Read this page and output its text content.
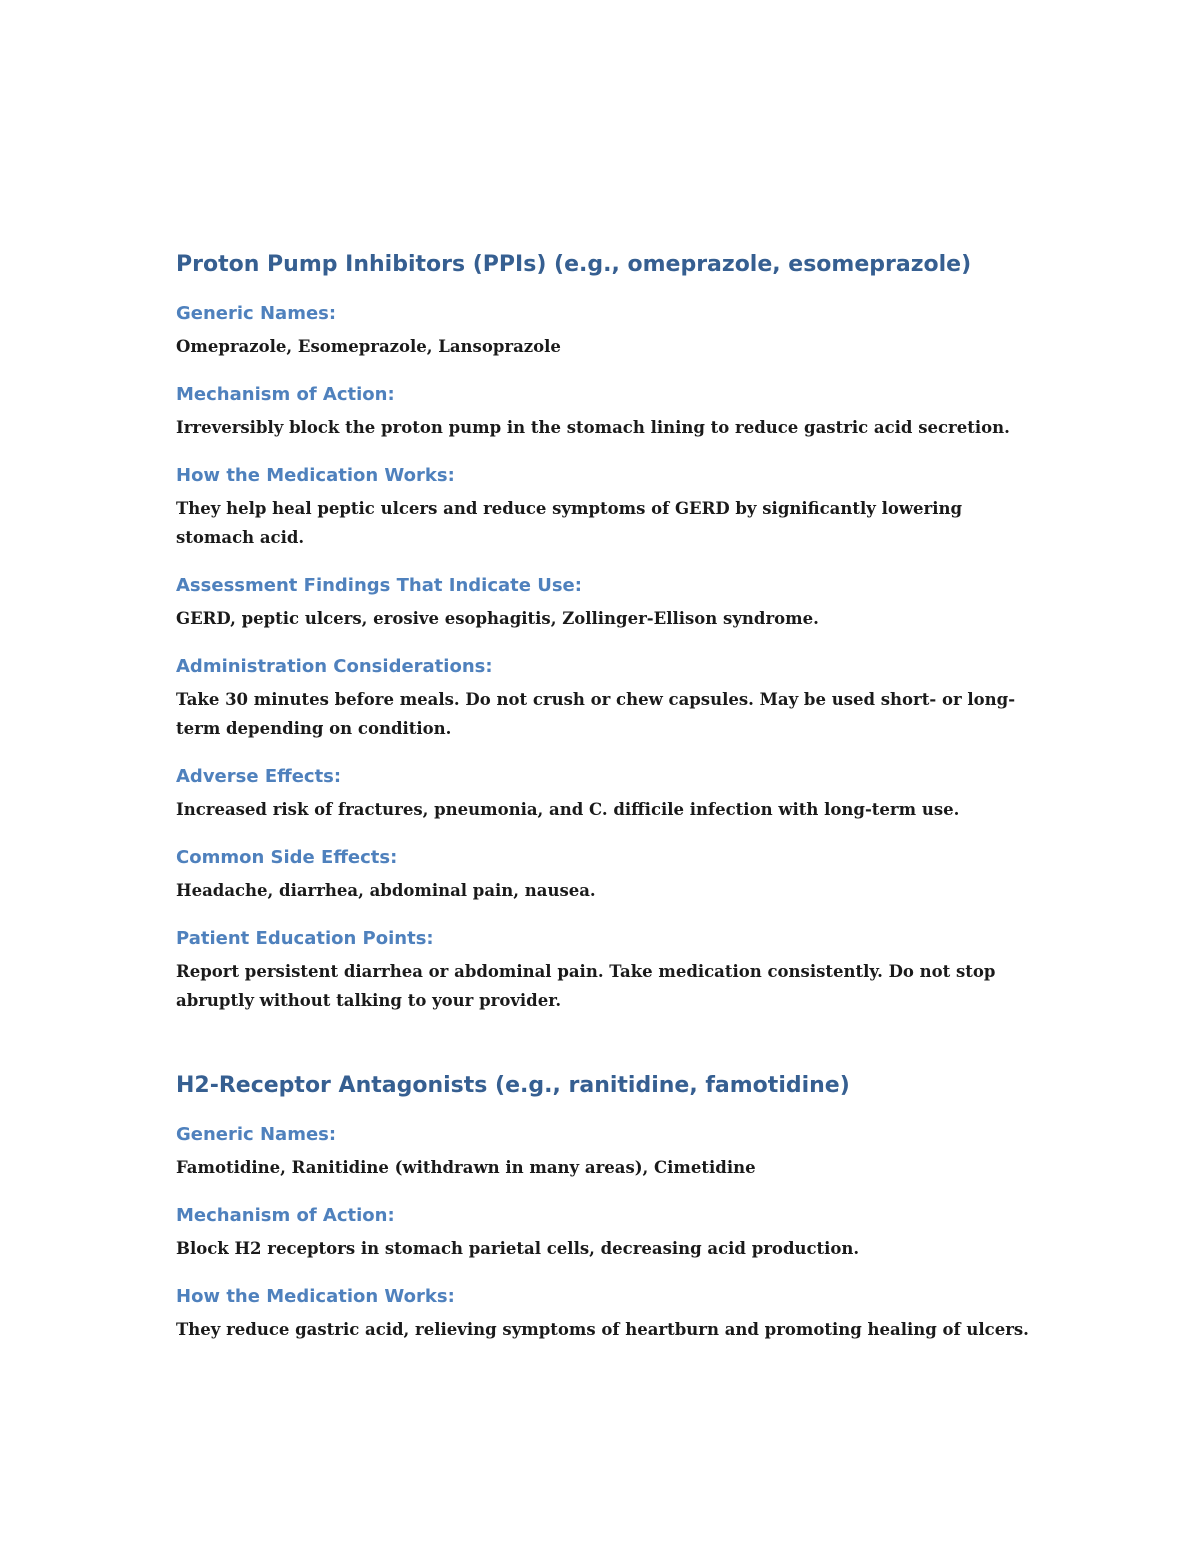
Proton Pump Inhibitors (PPIs) (e.g., omeprazole, esomeprazole)
Generic Names:

Omeprazole, Esomeprazole, Lansoprazole

Mechanism of Action:

Irreversibly block the proton pump in the stomach lining to reduce gastric acid secretion.

How the Medication Works:

They help heal peptic ulcers and reduce symptoms of GERD by significantly lowering stomach acid.

Assessment Findings That Indicate Use:

GERD, peptic ulcers, erosive esophagitis, Zollinger-Ellison syndrome.

Administration Considerations:

Take 30 minutes before meals. Do not crush or chew capsules. May be used short- or long-term depending on condition.

Adverse Effects:

Increased risk of fractures, pneumonia, and C. difficile infection with long-term use.

Common Side Effects:

Headache, diarrhea, abdominal pain, nausea.

Patient Education Points:

Report persistent diarrhea or abdominal pain. Take medication consistently. Do not stop abruptly without talking to your provider.

H2-Receptor Antagonists (e.g., ranitidine, famotidine)
Generic Names:

Famotidine, Ranitidine (withdrawn in many areas), Cimetidine

Mechanism of Action:

Block H2 receptors in stomach parietal cells, decreasing acid production.

How the Medication Works:

They reduce gastric acid, relieving symptoms of heartburn and promoting healing of ulcers.
